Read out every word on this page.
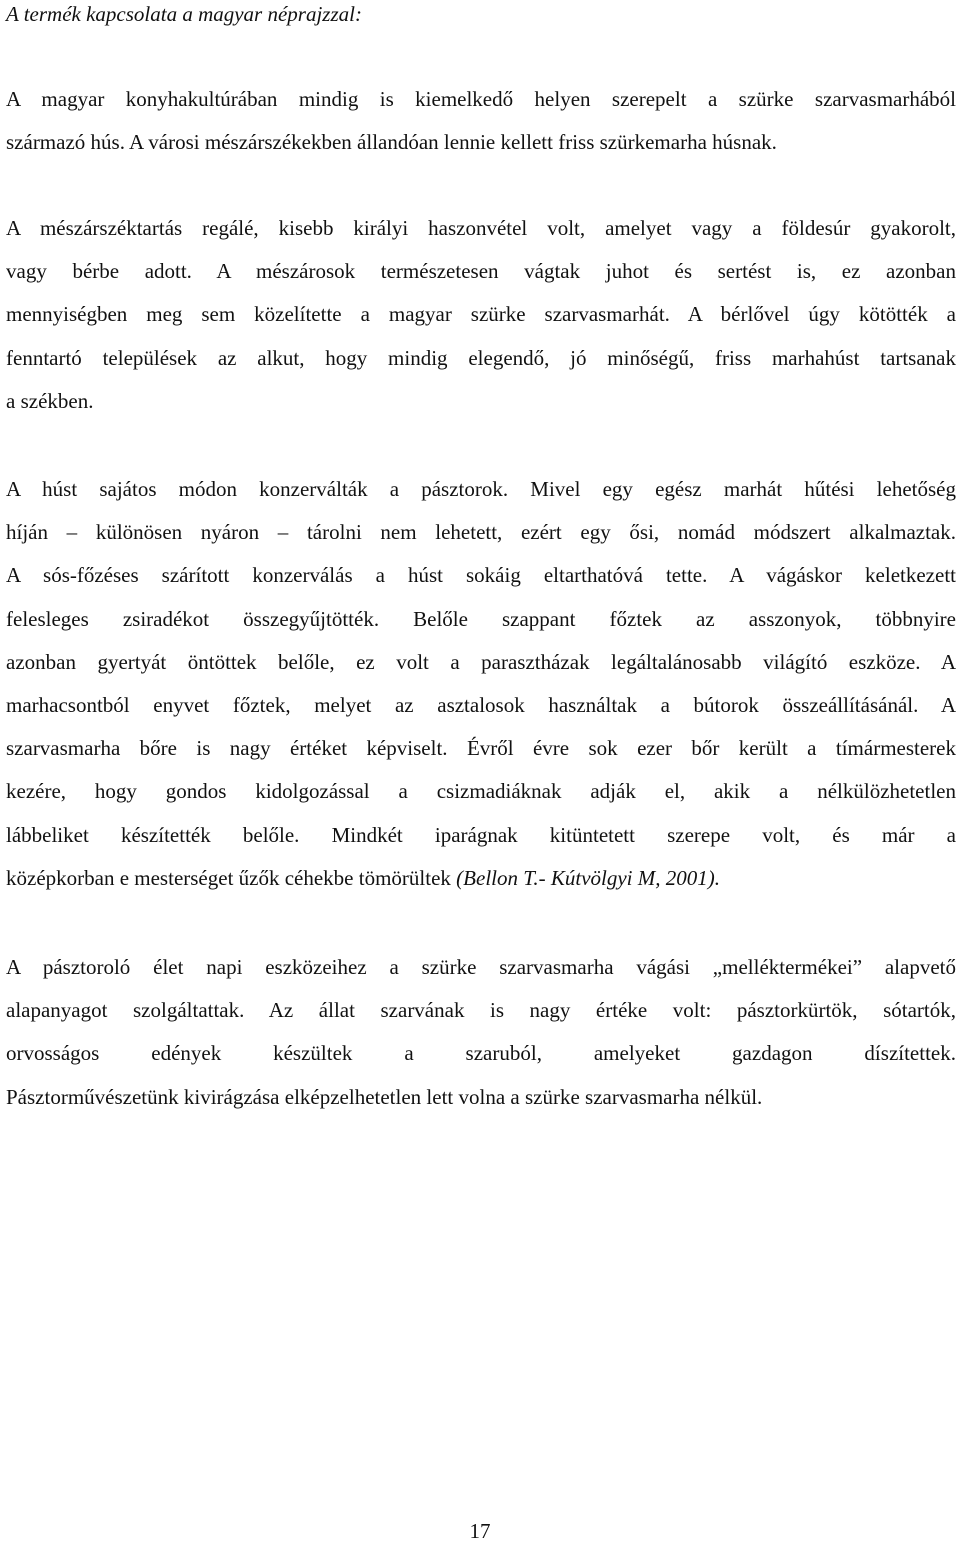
A termék kapcsolata a magyar néprajzzal:

A magyar konyhakultúrában mindig is kiemelkedő helyen szerepelt a szürke szarvasmarhából
származó hús. A városi mészárszékekben állandóan lennie kellett friss szürkemarha húsnak.

A mészárszéktartás regálé, kisebb királyi haszonvétel volt, amelyet vagy a földesúr gyakorolt,
vagy bérbe adott. A mészárosok természetesen vágtak juhot és sertést is, ez azonban
mennyiségben meg sem közelítette a magyar szürke szarvasmarhát. A bérlővel úgy kötötték a
fenntartó települések az alkut, hogy mindig elegendő, jó minőségű, friss marhahúst tartsanak
a székben.

A húst sajátos módon konzerválták a pásztorok. Mivel egy egész marhát hűtési lehetőség
híján – különösen nyáron – tárolni nem lehetett, ezért egy ősi, nomád módszert alkalmaztak.
A sós-főzéses szárított konzerválás a húst sokáig eltarthatóvá tette. A vágáskor keletkezett
felesleges zsiradékot összegyűjtötték. Belőle szappant főztek az asszonyok, többnyire
azonban gyertyát öntöttek belőle, ez volt a parasztházak legáltalánosabb világító eszköze. A
marhacsontból enyvet főztek, melyet az asztalosok használtak a bútorok összeállításánál. A
szarvasmarha bőre is nagy értéket képviselt. Évről évre sok ezer bőr került a tímármesterek
kezére, hogy gondos kidolgozással a csizmadiáknak adják el, akik a nélkülözhetetlen
lábbeliket készítették belőle. Mindkét iparágnak kitüntetett szerepe volt, és már a
középkorban e mesterséget űzők céhekbe tömörültek (Bellon T.- Kútvölgyi M, 2001).

A pásztoroló élet napi eszközeihez a szürke szarvasmarha vágási „melléktermékei” alapvető
alapanyagot szolgáltattak. Az állat szarvának is nagy értéke volt: pásztorkürtök, sótartók,
orvosságos edények készültek a szaruból, amelyeket gazdagon díszítettek.
Pásztorművészetünk kivirágzása elképzelhetetlen lett volna a szürke szarvasmarha nélkül.

17
